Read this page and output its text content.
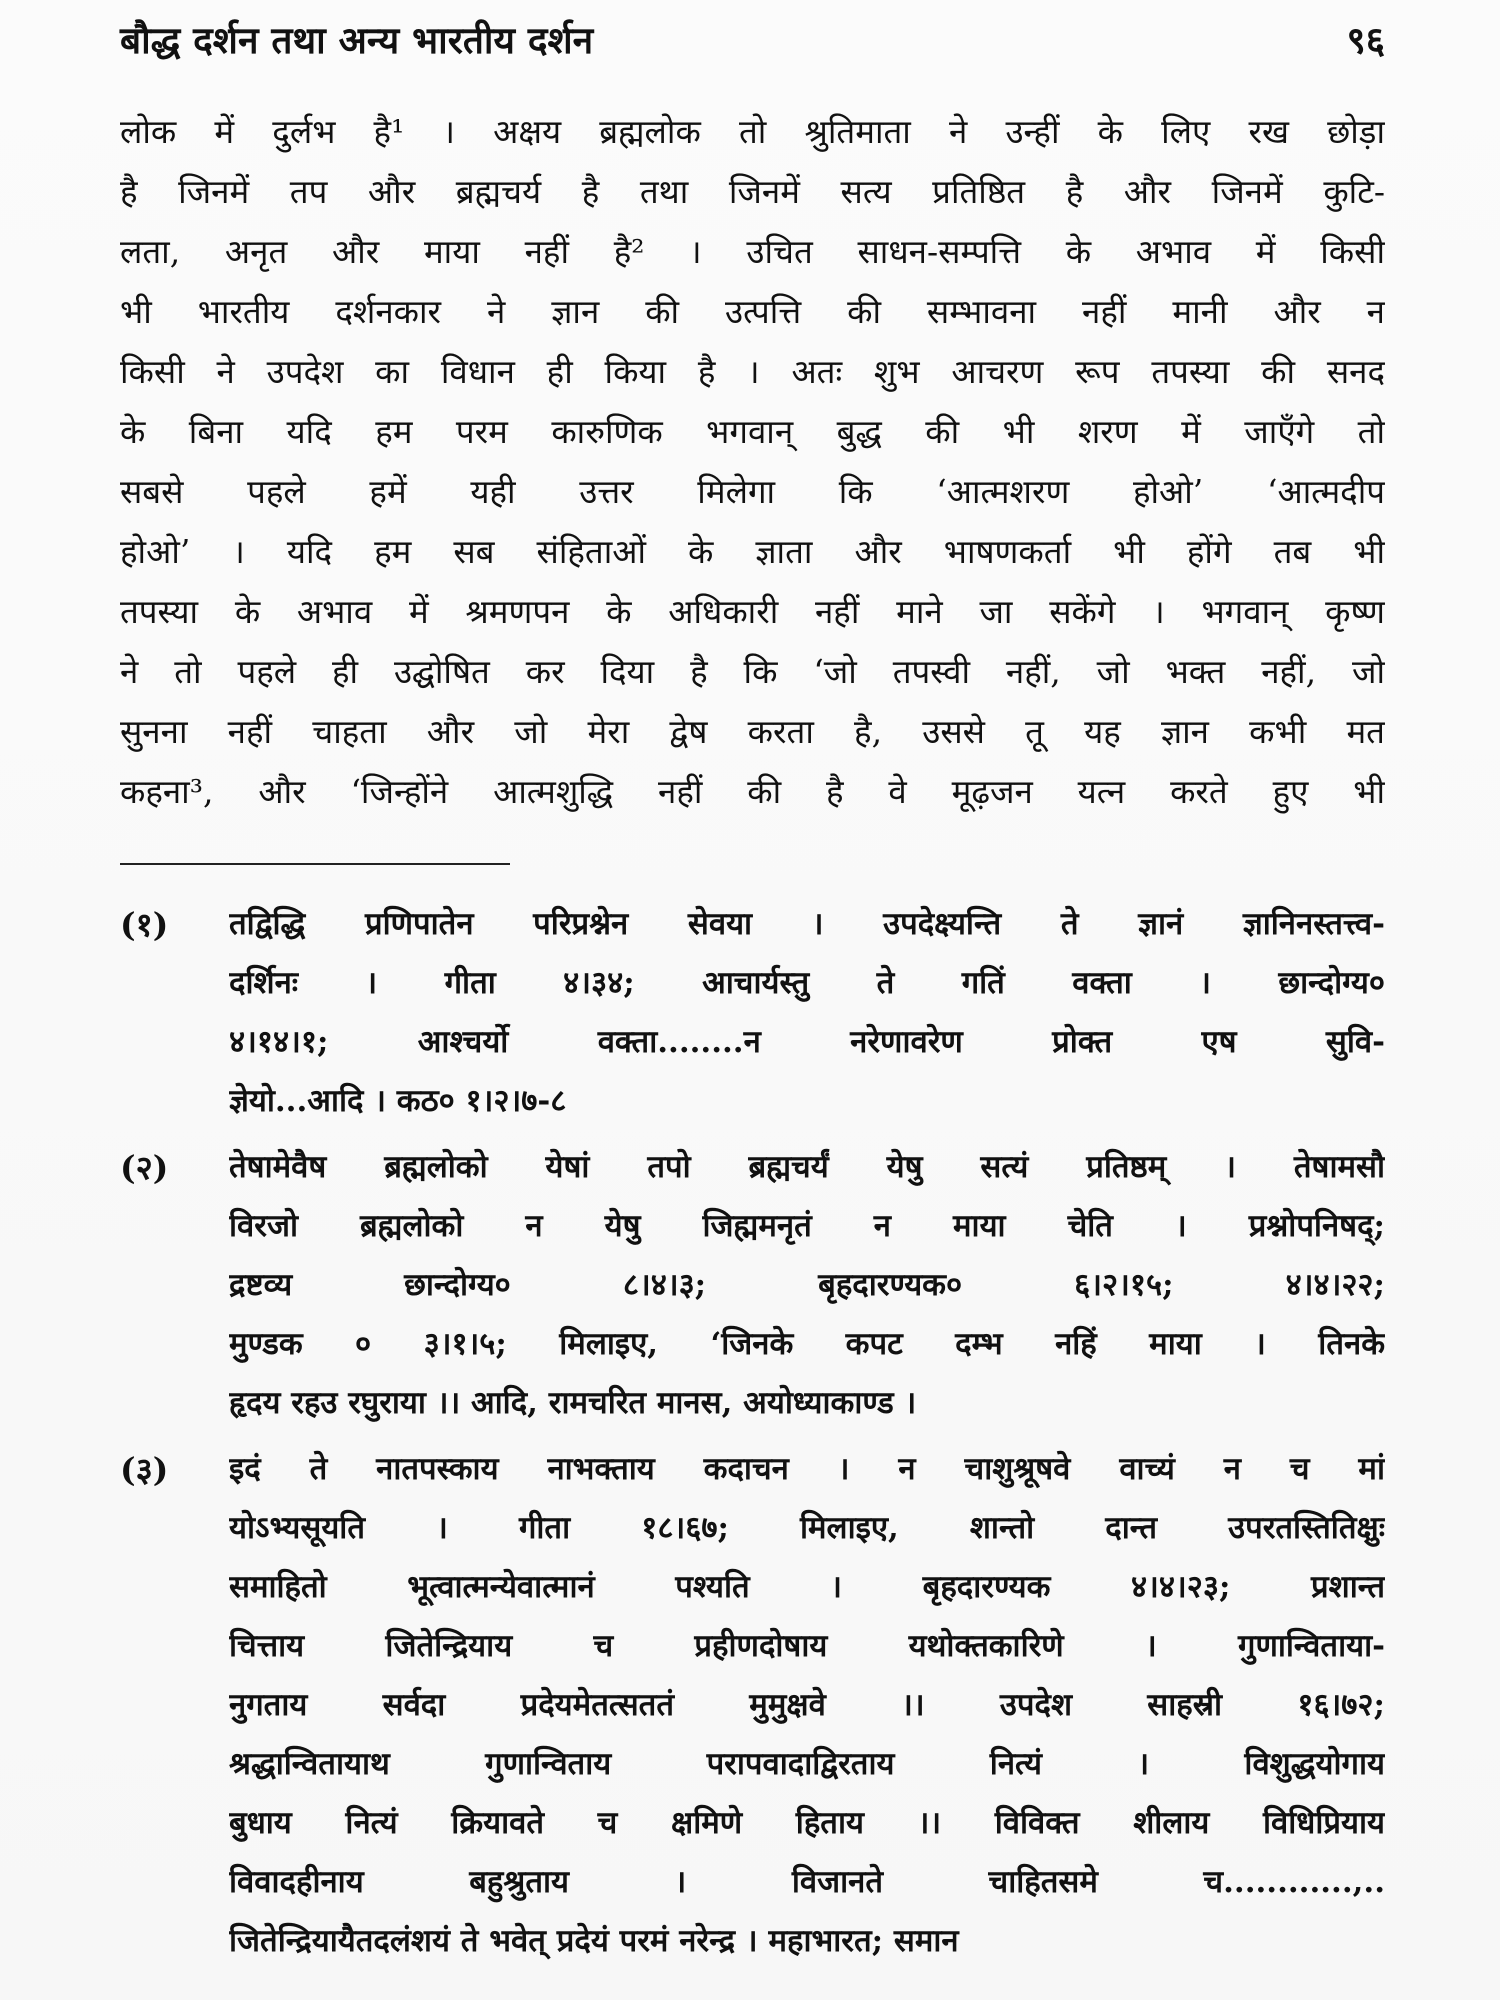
बौद्ध दर्शन तथा अन्य भारतीय दर्शन	९६
लोक में दुर्लभ है¹ । अक्षय ब्रह्मलोक तो श्रुतिमाता ने उन्हीं के लिए रख छोड़ा
है जिनमें तप और ब्रह्मचर्य है तथा जिनमें सत्य प्रतिष्ठित है और जिनमें कुटि-
लता, अनृत और माया नहीं है² । उचित साधन-सम्पत्ति के अभाव में किसी
भी भारतीय दर्शनकार ने ज्ञान की उत्पत्ति की सम्भावना नहीं मानी और न
किसी ने उपदेश का विधान ही किया है । अतः शुभ आचरण रूप तपस्या की सनद
के बिना यदि हम परम कारुणिक भगवान् बुद्ध की भी शरण में जाएँगे तो
सबसे पहले हमें यही उत्तर मिलेगा कि ‘आत्मशरण होओ’ ‘आत्मदीप
होओ’ । यदि हम सब संहिताओं के ज्ञाता और भाषणकर्ता भी होंगे तब भी
तपस्या के अभाव में श्रमणपन के अधिकारी नहीं माने जा सकेंगे । भगवान् कृष्ण
ने तो पहले ही उद्घोषित कर दिया है कि ‘जो तपस्वी नहीं, जो भक्त नहीं, जो
सुनना नहीं चाहता और जो मेरा द्वेष करता है, उससे तू यह ज्ञान कभी मत
कहना³, और ‘जिन्होंने आत्मशुद्धि नहीं की है वे मूढ़जन यत्न करते हुए भी
(१)	तद्विद्धि प्रणिपातेन परिप्रश्नेन सेवया । उपदेक्ष्यन्ति ते ज्ञानं ज्ञानिनस्तत्त्व-
दर्शिनः । गीता ४।३४; आचार्यस्तु ते गतिं वक्ता । छान्दोग्य०
४।१४।१; आश्चर्यो वक्ता........न नरेणावरेण प्रोक्त एष सुवि-
ज्ञेयो...आदि । कठ० १।२।७-८
(२)	तेषामेवैष ब्रह्मलोको येषां तपो ब्रह्मचर्यं येषु सत्यं प्रतिष्ठम् । तेषामसौ
विरजो ब्रह्मलोको न येषु जिह्ममनृतं न माया चेति । प्रश्नोपनिषद्;
द्रष्टव्य छान्दोग्य० ८।४।३; बृहदारण्यक० ६।२।१५; ४।४।२२;
मुण्डक ० ३।१।५; मिलाइए, ‘जिनके कपट दम्भ नहिं माया । तिनके
हृदय रहउ रघुराया ।। आदि, रामचरित मानस, अयोध्याकाण्ड ।
(३)	इदं ते नातपस्काय नाभक्ताय कदाचन । न चाशुश्रूषवे वाच्यं न च मां
योऽभ्यसूयति । गीता १८।६७; मिलाइए, शान्तो दान्त उपरतस्तितिक्षुः
समाहितो भूत्वात्मन्येवात्मानं पश्यति । बृहदारण्यक ४।४।२३; प्रशान्त
चित्ताय जितेन्द्रियाय च प्रहीणदोषाय यथोक्तकारिणे । गुणान्विताया-
नुगताय सर्वदा प्रदेयमेतत्सततं मुमुक्षवे ।। उपदेश साहस्री १६।७२;
श्रद्धान्वितायाथ गुणान्विताय परापवादाद्विरताय नित्यं । विशुद्धयोगाय
बुधाय नित्यं क्रियावते च क्षमिणे हिताय ।। विविक्त शीलाय विधिप्रियाय
विवादहीनाय बहुश्रुताय । विजानते चाहितसमे च............,..
जितेन्द्रियायैतदलंशयं ते भवेत् प्रदेयं परमं नरेन्द्र । महाभारत; समान
